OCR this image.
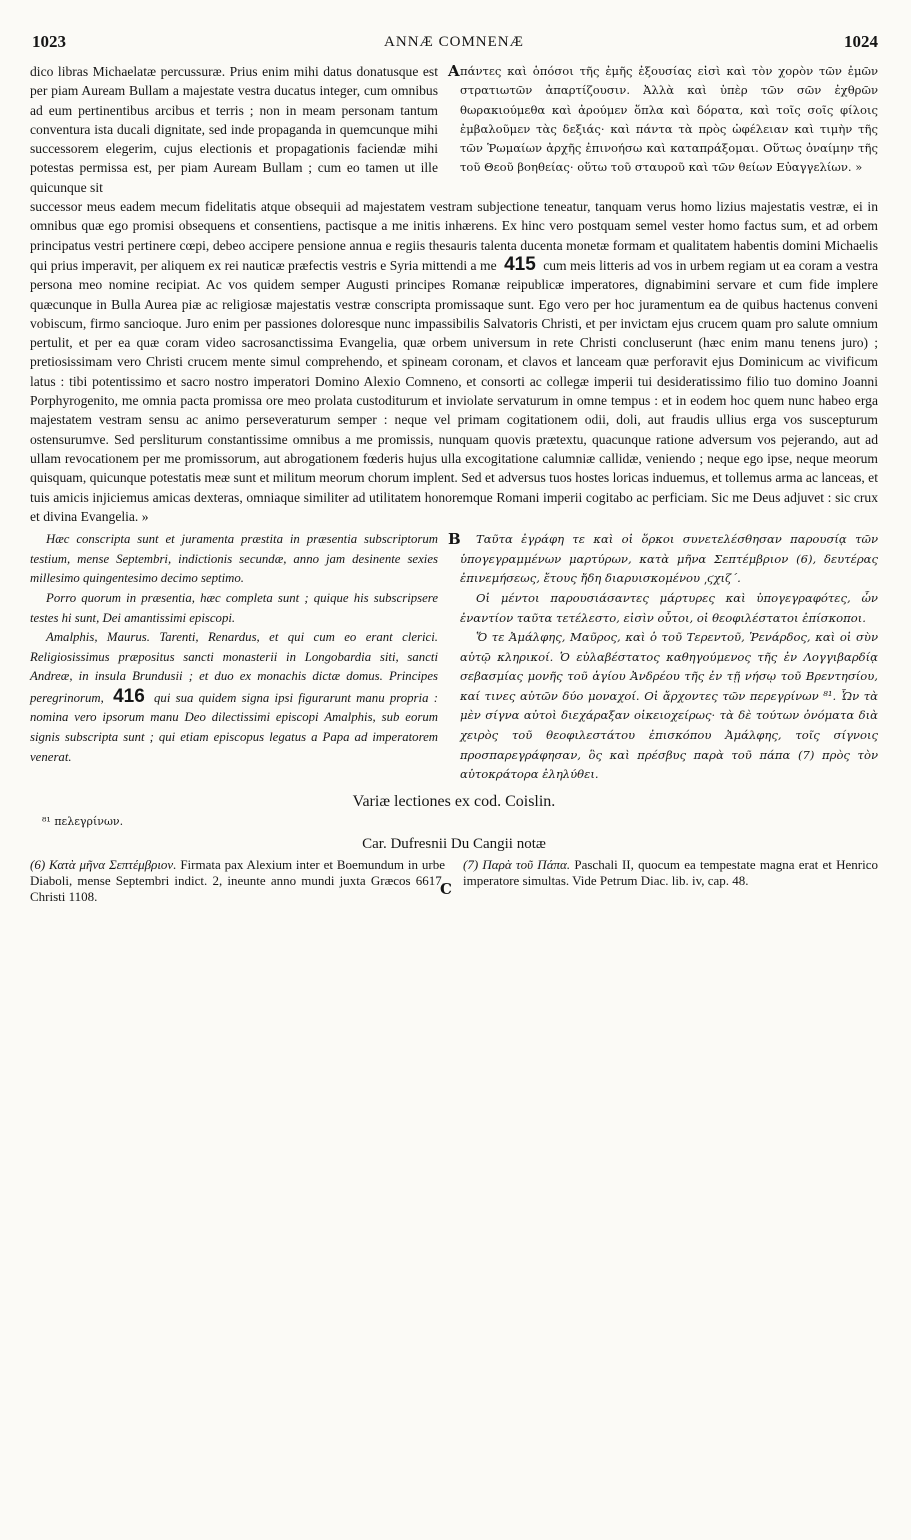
1023	ANNÆ COMNENÆ	1024

dico libras Michaelatæ percussuræ. Prius enim mihi datus donatusque est per piam Auream Bullam a majestate vestra ducatus integer, cum omnibus ad eum pertinentibus arcibus et terris ; non in meam personam tantum conventura ista ducali dignitate, sed inde propaganda in quemcunque mihi successorem elegerim, cujus electionis et propagationis faciendæ mihi potestas permissa est, per piam Auream Bullam ; cum eo tamen ut ille quicunque sit

A πάντες καὶ ὁπόσοι τῆς ἐμῆς ἐξουσίας εἰσὶ καὶ τὸν χορὸν τῶν ἐμῶν στρατιωτῶν ἀπαρτίζουσιν. Ἀλλὰ καὶ ὑπὲρ τῶν σῶν ἐχθρῶν θωρακιούμεθα καὶ ἀρούμεν ὅπλα καὶ δόρατα, καὶ τοῖς σοῖς φίλοις ἐμβαλοῦμεν τὰς δεξιάς· καὶ πάντα τὰ πρὸς ὠφέλειαν καὶ τιμὴν τῆς τῶν Ῥωμαίων ἀρχῆς ἐπινοήσω καὶ καταπράξομαι. Οὕτως ὀναίμην τῆς τοῦ Θεοῦ βοηθείας· οὕτω τοῦ σταυροῦ καὶ τῶν θείων Εὐαγγελίων. »

successor meus eadem mecum fidelitatis atque obsequii ad majestatem vestram subjectione teneatur, tanquam verus homo lizius majestatis vestræ, ei in omnibus quæ ego promisi obsequens et consentiens, pactisque a me initis inhærens. Ex hinc vero postquam semel vester homo factus sum, et ad orbem principatus vestri pertinere cœpi, debeo accipere pensione annua e regiis thesauris talenta ducenta monetæ formam et qualitatem habentis domini Michaelis qui prius imperavit, per aliquem ex rei nauticæ præfectis vestris e Syria mittendi a me 415 cum meis litteris ad vos in urbem regiam ut ea coram a vestra persona meo nomine recipiat. Ac vos quidem semper Augusti principes Romanæ reipublicæ imperatores, dignabimini servare et cum fide implere quæcunque in Bulla Aurea piæ ac religiosæ majestatis vestræ conscripta promissaque sunt. Ego vero per hoc juramentum ea de quibus hactenus conveni vobiscum, firmo sancioque. Juro enim per passiones doloresque nunc impassibilis Salvatoris Christi, et per invictam ejus crucem quam pro salute omnium pertulit, et per ea quæ coram video sacrosanctissima Evangelia, quæ orbem universum in rete Christi concluserunt (hæc enim manu tenens juro) ; pretiosissimam vero Christi crucem mente simul comprehendo, et spineam coronam, et clavos et lanceam quæ perforavit ejus Dominicum ac vivificum latus : tibi potentissimo et sacro nostro imperatori Domino Alexio Comneno, et consorti ac collegæ imperii tui desideratissimo filio tuo domino Joanni Porphyrogenito, me omnia pacta promissa ore meo prolata custoditurum et inviolate servaturum in omne tempus : et in eodem hoc quem nunc habeo erga majestatem vestram sensu ac animo perseveraturum semper : neque vel primam cogitationem odii, doli, aut fraudis ullius erga vos suscepturum ostensurumve. Sed persliturum constantissime omnibus a me promissis, nunquam quovis prætextu, quacunque ratione adversum vos pejerando, aut ad ullam revocationem per me promissorum, aut abrogationem fœderis hujus ulla excogitatione calumniæ callidæ, veniendo ; neque ego ipse, neque meorum quisquam, quicunque potestatis meæ sunt et militum meorum chorum implent. Sed et adversus tuos hostes loricas induemus, et tollemus arma ac lanceas, et tuis amicis injiciemus amicas dexteras, omniaque similiter ad utilitatem honoremque Romani imperii cogitabo ac perficiam. Sic me Deus adjuvet : sic crux et divina Evangelia. »

Hæc conscripta sunt et juramenta præstita in præsentia subscriptorum testium, mense Septembri, indictionis secundæ, anno jam desinente sexies millesimo quingentesimo decimo septimo.

Porro quorum in præsentia, hæc completa sunt ; quique his subscripsere testes hi sunt, Dei amantissimi episcopi.

Amalphis, Maurus. Tarenti, Renardus, et qui cum eo erant clerici. Religiosissimus præpositus sancti monasterii in Longobardia siti, sancti Andreæ, in insula Brundusii ; et duo ex monachis dictæ domus. Principes peregrinorum, 416 qui sua quidem signa ipsi figurarunt manu propria : nomina vero ipsorum manu Deo dilectissimi episcopi Amalphis, sub eorum signis subscripta sunt ; qui etiam episcopus legatus a Papa ad imperatorem venerat.

B
C

Ταῦτα ἐγράφη τε καὶ οἱ ὅρκοι συνετελέσθησαν παρουσίᾳ τῶν ὑπογεγραμμένων μαρτύρων, κατὰ μῆνα Σεπτέμβριον (6), δευτέρας ἐπινεμήσεως, ἔτους ἤδη διαρυισκομένου ͵ϛχιζ΄.

Οἱ μέντοι παρουσιάσαντες μάρτυρες καὶ ὑπογεγραφότες, ὧν ἐναντίον ταῦτα τετέλεστο, εἰσὶν οὗτοι, οἱ θεοφιλέστατοι ἐπίσκοποι.

Ὅ τε Ἀμάλφης, Μαῦρος, καὶ ὁ τοῦ Τερεντοῦ, Ῥενάρδος, καὶ οἱ σὺν αὐτῷ κληρικοί. Ὁ εὐλαβέστατος καθηγούμενος τῆς ἐν Λογγιβαρδίᾳ σεβασμίας μονῆς τοῦ ἁγίου Ἀνδρέου τῆς ἐν τῇ νήσῳ τοῦ Βρεντησίου, καί τινες αὐτῶν δύο μοναχοί. Οἱ ἄρχοντες τῶν περεγρίνων ⁸¹. Ὧν τὰ μὲν σίγνα αὐτοὶ διεχάραξαν οἰκειοχείρως· τὰ δὲ τούτων ὀνόματα διὰ χειρὸς τοῦ θεοφιλεστάτου ἐπισκόπου Ἀμάλφης, τοῖς σίγνοις προσπαρεγράφησαν, ὃς καὶ πρέσβυς παρὰ τοῦ πάπα (7) πρὸς τὸν αὐτοκράτορα ἐληλύθει.

Variæ lectiones ex cod. Coislin.
⁸¹ πελεγρίνων.
Car. Dufresnii Du Cangii notæ
(6) Κατὰ μῆνα Σεπτέμβριον. Firmata pax Alexium inter et Boemundum in urbe Diaboli, mense Septembri indict. 2, ineunte anno mundi juxta Græcos 6617, Christi 1108.
(7) Παρὰ τοῦ Πάπα. Paschali II, quocum ea tempestate magna erat et Henrico imperatore simultas. Vide Petrum Diac. lib. iv, cap. 48.
